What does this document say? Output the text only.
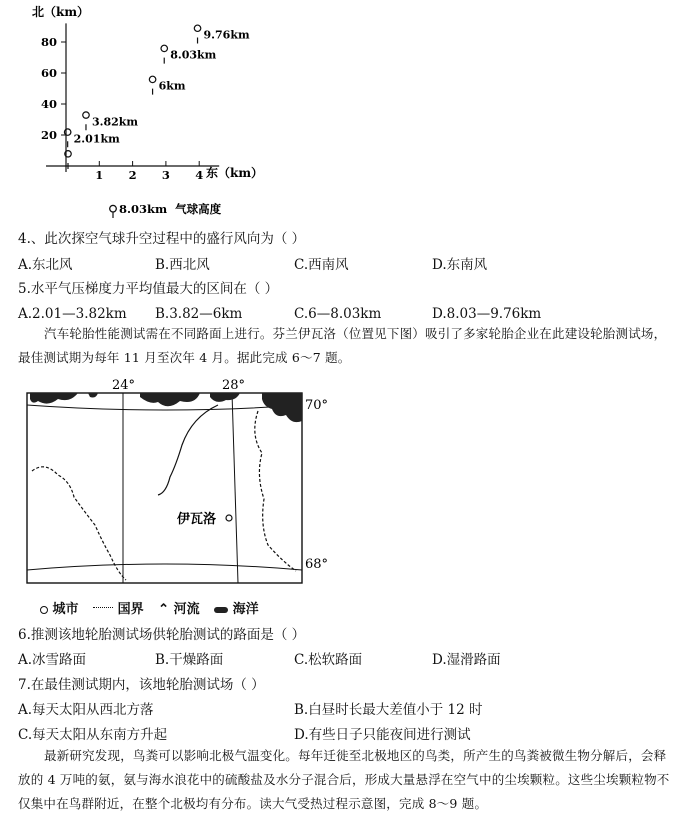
20
40
60
80
1 2 3 4
2.01km
3.82km
6km
8.03km
9.76km
北（km）
东（km）
8.03km  气球高度
4.、此次探空气球升空过程中的盛行风向为（ ）
A.东北风	B.西北风	C.西南风	D.东南风
5.水平气压梯度力平均值最大的区间在（ ）
A.2.01—3.82km B.3.82—6km	C.6—8.03km	D.8.03—9.76km
汽车轮胎性能测试需在不同路面上进行。芬兰伊瓦洛（位置见下图）吸引了多家轮胎企业在此建设轮胎测试场，最佳测试期为每年 11 月至次年 4 月。据此完成 6～7 题。
伊瓦洛
24°	28°
70°
68°
城市	国界 ⌃ 河流	海洋
6.推测该地轮胎测试场供轮胎测试的路面是（ ）
A.冰雪路面	B.干燥路面	C.松软路面	D.湿滑路面
7.在最佳测试期内，该地轮胎测试场（ ）
A.每天太阳从西北方落	B.白昼时长最大差值小于 12 时
C.每天太阳从东南方升起	D.有些日子只能夜间进行测试
最新研究发现，鸟粪可以影响北极气温变化。每年迁徙至北极地区的鸟类，所产生的鸟粪被微生物分解后，会释放的 4 万吨的氨，氨与海水浪花中的硫酸盐及水分子混合后，形成大量悬浮在空气中的尘埃颗粒。这些尘埃颗粒物不仅集中在鸟群附近，在整个北极均有分布。读大气受热过程示意图，完成 8～9 题。
